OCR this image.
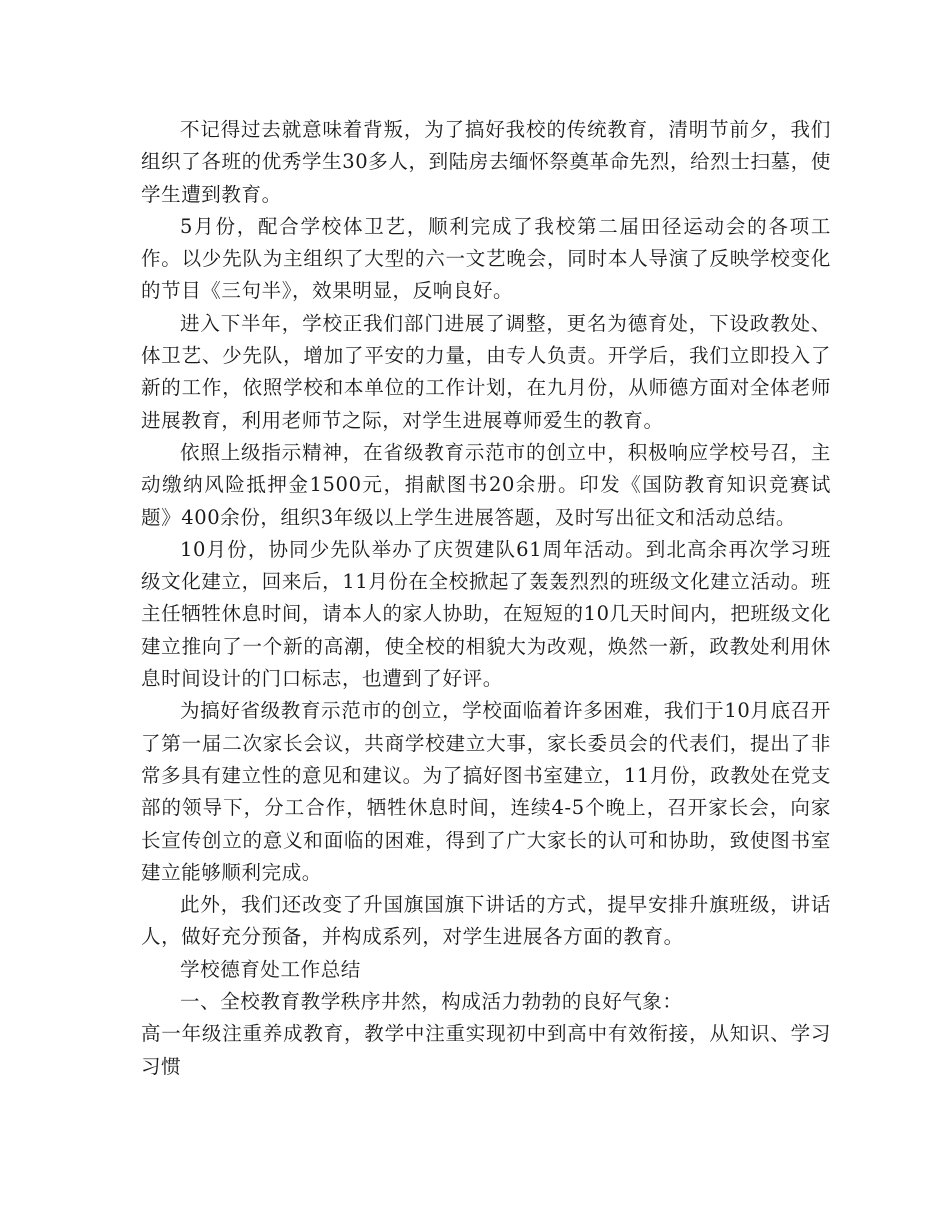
不记得过去就意味着背叛，为了搞好我校的传统教育，清明节前夕，我们组织了各班的优秀学生30多人，到陆房去缅怀祭奠革命先烈，给烈士扫墓，使学生遭到教育。

5月份，配合学校体卫艺，顺利完成了我校第二届田径运动会的各项工作。以少先队为主组织了大型的六一文艺晚会，同时本人导演了反映学校变化的节目《三句半》，效果明显，反响良好。

进入下半年，学校正我们部门进展了调整，更名为德育处，下设政教处、体卫艺、少先队，增加了平安的力量，由专人负责。开学后，我们立即投入了新的工作，依照学校和本单位的工作计划，在九月份，从师德方面对全体老师进展教育，利用老师节之际，对学生进展尊师爱生的教育。

依照上级指示精神，在省级教育示范市的创立中，积极响应学校号召，主动缴纳风险抵押金1500元，捐献图书20余册。印发《国防教育知识竞赛试题》400余份，组织3年级以上学生进展答题，及时写出征文和活动总结。

10月份，协同少先队举办了庆贺建队61周年活动。到北高余再次学习班级文化建立，回来后，11月份在全校掀起了轰轰烈烈的班级文化建立活动。班主任牺牲休息时间，请本人的家人协助，在短短的10几天时间内，把班级文化建立推向了一个新的高潮，使全校的相貌大为改观，焕然一新，政教处利用休息时间设计的门口标志，也遭到了好评。

为搞好省级教育示范市的创立，学校面临着许多困难，我们于10月底召开了第一届二次家长会议，共商学校建立大事，家长委员会的代表们，提出了非常多具有建立性的意见和建议。为了搞好图书室建立，11月份，政教处在党支部的领导下，分工合作，牺牲休息时间，连续4-5个晚上，召开家长会，向家长宣传创立的意义和面临的困难，得到了广大家长的认可和协助，致使图书室建立能够顺利完成。

此外，我们还改变了升国旗国旗下讲话的方式，提早安排升旗班级，讲话人，做好充分预备，并构成系列，对学生进展各方面的教育。

学校德育处工作总结

一、全校教育教学秩序井然，构成活力勃勃的良好气象：

高一年级注重养成教育，教学中注重实现初中到高中有效衔接，从知识、学习习惯
